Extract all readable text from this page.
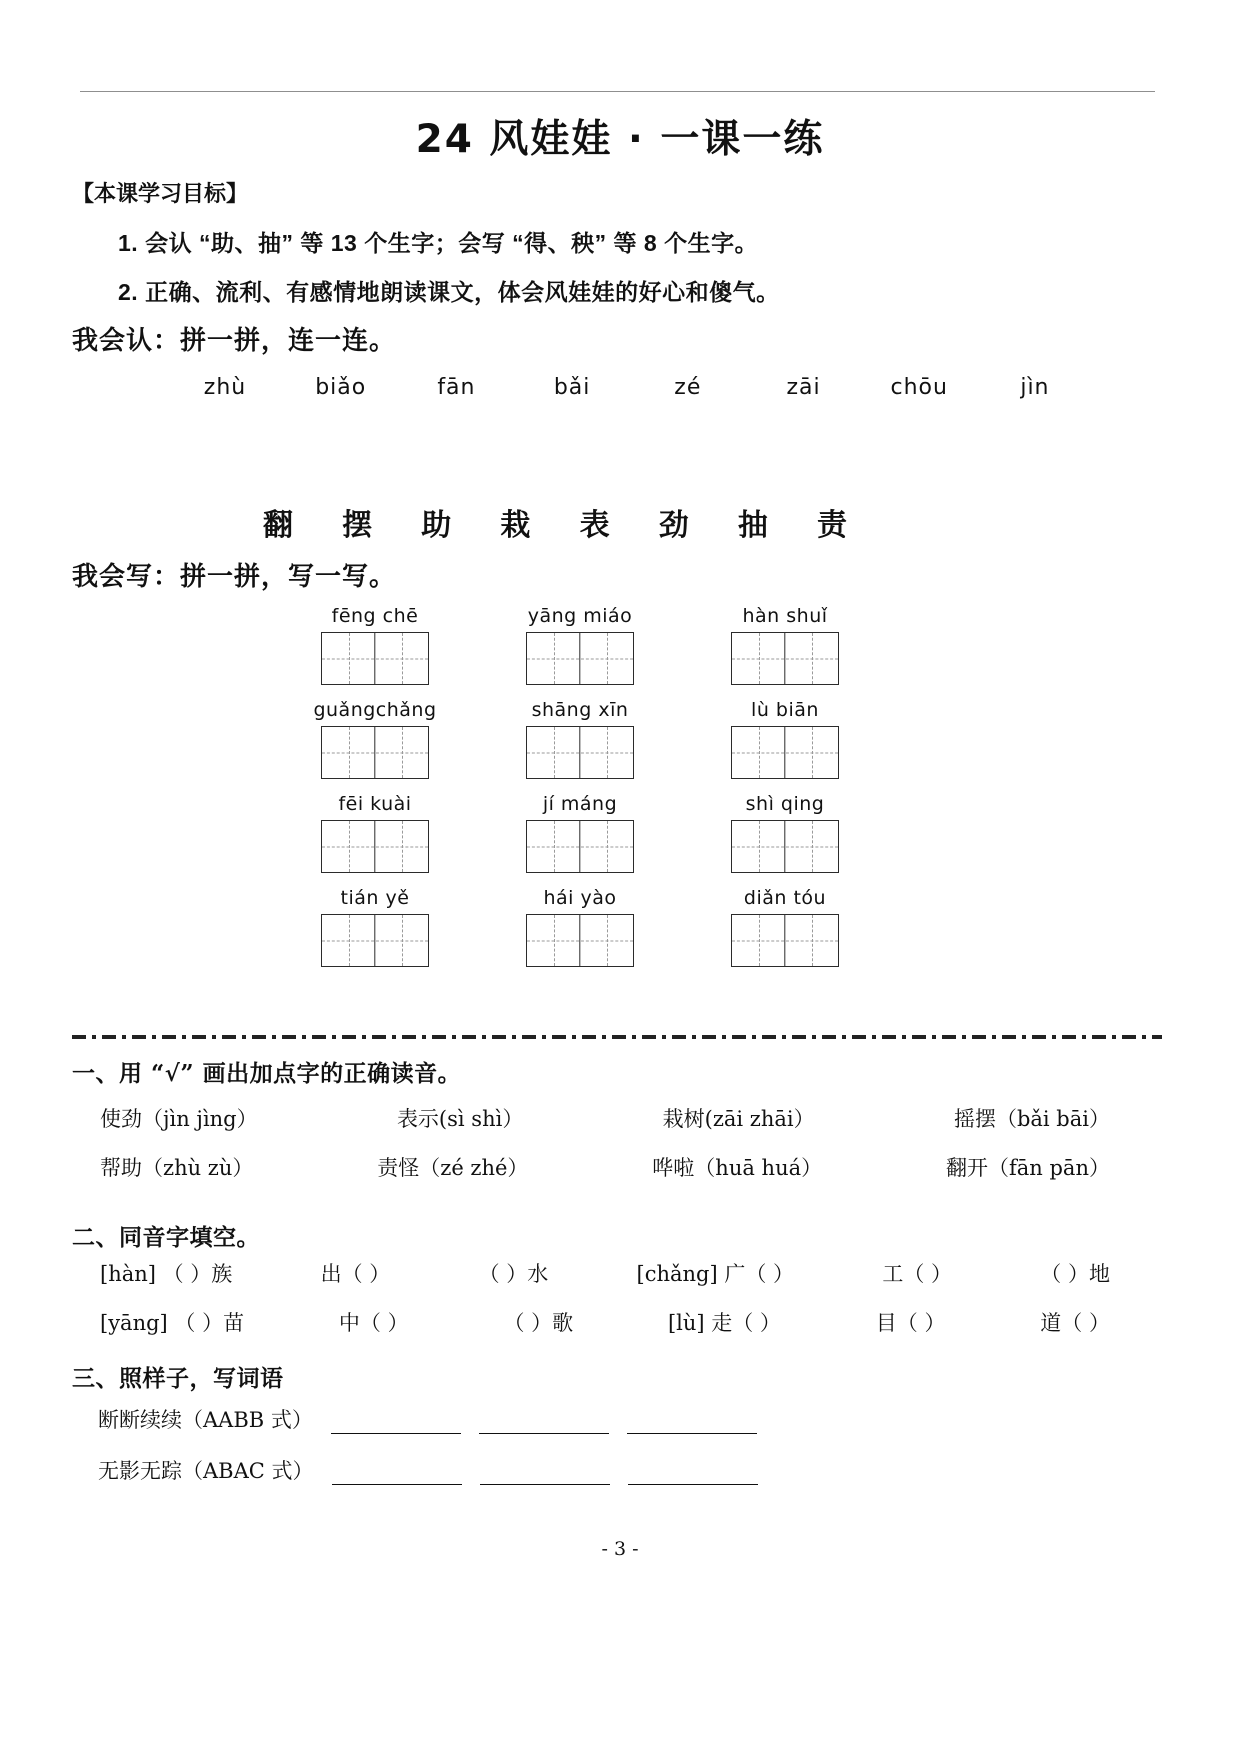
24 风娃娃 · 一课一练
【本课学习目标】
1. 会认 “助、抽” 等 13 个生字；会写 “得、秧” 等 8 个生字。
2. 正确、流利、有感情地朗读课文，体会风娃娃的好心和傻气。
我会认：拼一拼，连一连。
zhù	biǎo	fān	bǎi	zé	zāi	chōu	jìn
翻 摆 助 栽 表 劲 抽 责
我会写：拼一拼，写一写。
fēng chē	yāng miáo	hàn shuǐ
guǎngchǎng	shāng xīn	lù biān
fēi kuài	jí máng	shì qing
tián yě	hái yào	diǎn tóu
一、用 “√” 画出加点字的正确读音。
使劲（jìn jìng）	表示(sì shì）	栽树(zāi zhāi）	摇摆（bǎi bāi）
帮助（zhù zù）	责怪（zé zhé）	哗啦（huā huá）	翻开（fān pān）
二、同音字填空。
[hàn] （ ）族	出（ ）	（ ）水	[chǎng] 广（ ）	工（ ）	（ ）地
[yāng] （ ）苗	中（ ）	（ ）歌	[lù] 走（ ）	目（ ）	道（ ）
三、照样子，写词语
断断续续（AABB 式）
无影无踪（ABAC 式）
- 3 -
